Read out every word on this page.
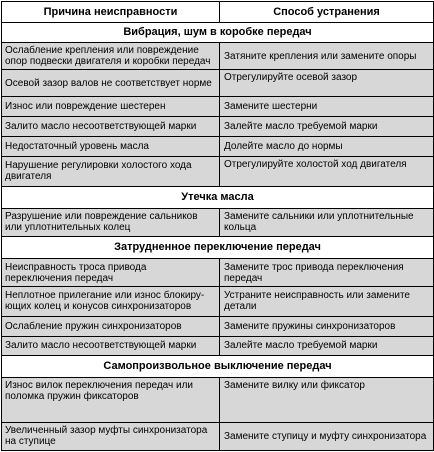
Причина неисправности	Способ устранения
Вибрация, шум в коробке передач	
Ослабление крепления или повреждение опор подвески двигателя и коробки передач	Затяните крепления или замените опоры
Осевой зазор валов не соответствует норме	Отрегулируйте осевой зазор
Износ или повреждение шестерен	Замените шестерни
Залито масло несоответствующей марки	Залейте масло требуемой марки
Недостаточный уровень масла	Долейте масло до нормы
Нарушение регулировки холостого хода двигателя	Отрегулируйте холостой ход двигателя
Утечка масла	
Разрушение или повреждение сальников или уплотнительных колец	Замените сальники или уплотнительные кольца
Затрудненное переключение передач	
Неисправность троса привода переключения передач	Замените трос привода переключения передач
Неплотное прилегание или износ блокиру-ющих колец и конусов синхронизаторов	Устраните неисправность или замените детали
Ослабление пружин синхронизаторов	Замените пружины синхронизаторов
Залито масло несоответствующей марки	Залейте масло требуемой марки
Самопроизвольное выключение передач	
Износ вилок переключения передач или поломка пружин фиксаторов	Замените вилку или фиксатор
Увеличенный зазор муфты синхронизатора на ступице	Замените ступицу и муфту синхронизатора
